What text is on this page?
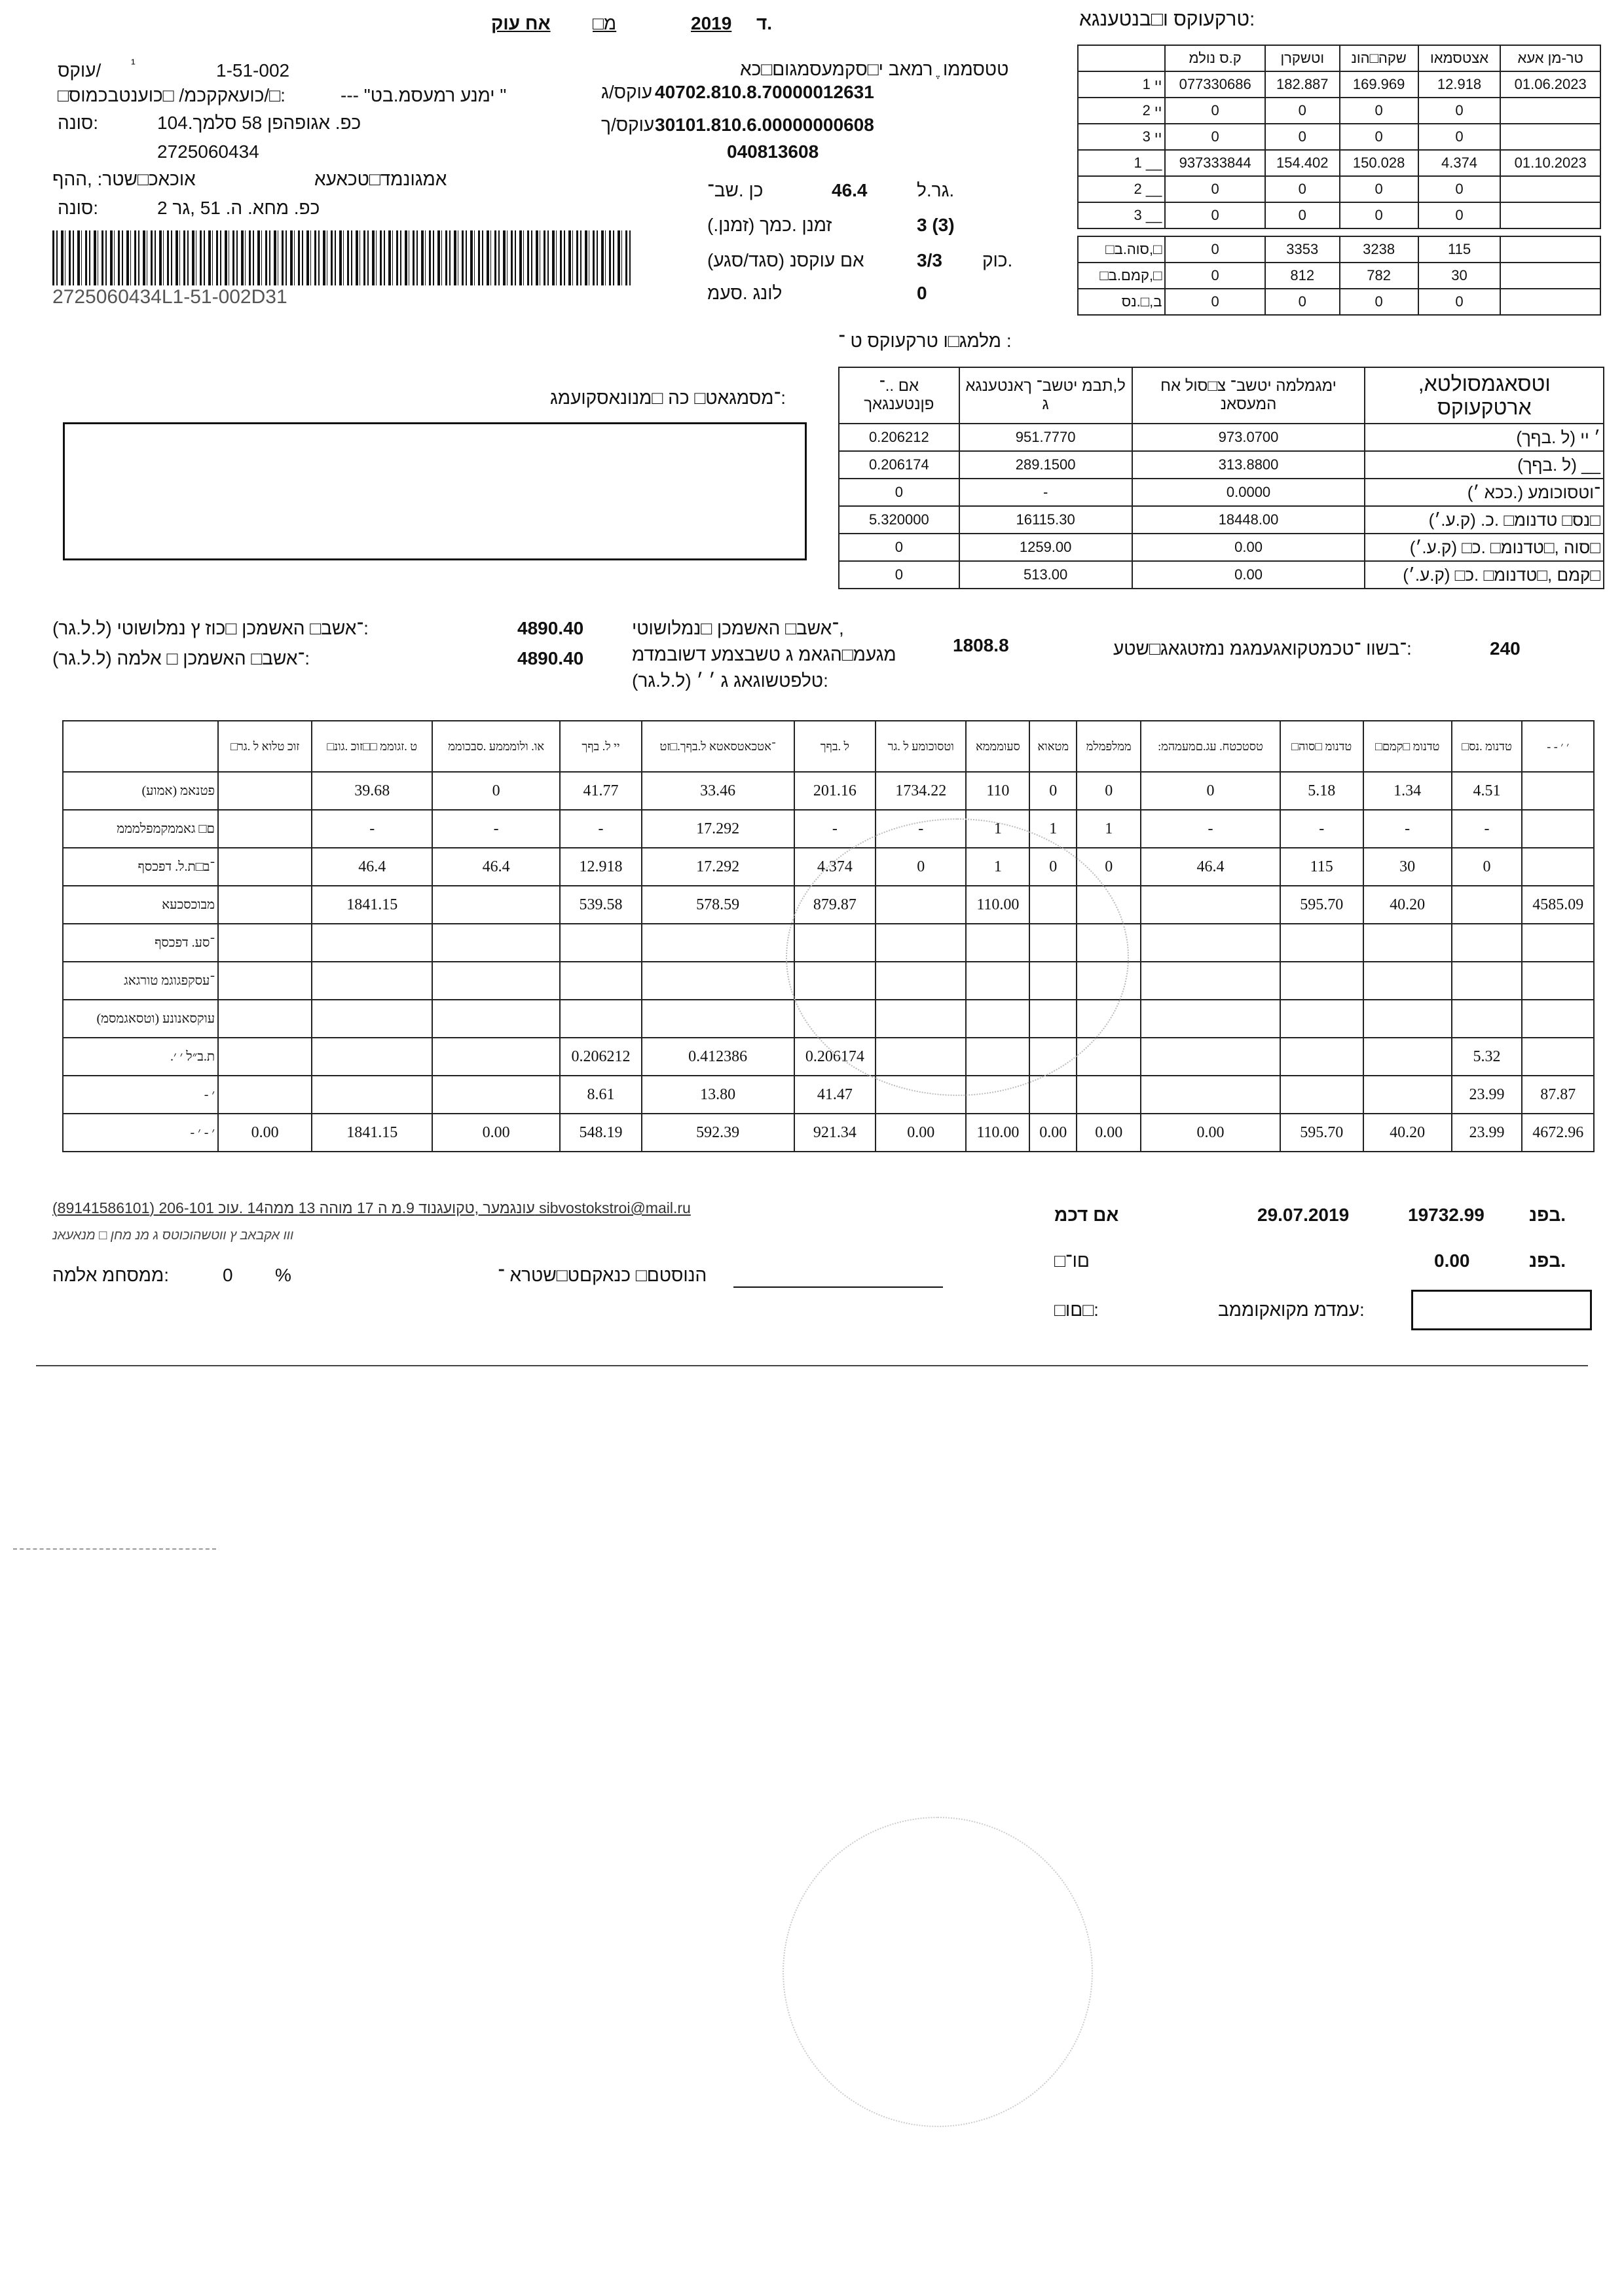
אח עוק □מ	2019 ד.	טרקעוקס ו□בנטענגא:
טטסממו ֶ רמאב י□סקמעסמגום□כא
עוקס/ ¹	1-51-002
□כועאקקכמ/ □כוענטבכמוס/□:	--- "ימנע רמעסמ.בט "	עוקס/ג 40702.810.8.70000012631
סונה:	כפ. אגופהפן 58 סלמך.104	עוקס/ך 30101.810.6.00000000608
2725060434	040813608
אוכאכ□שטר: ,ההף	אמגונמד□טכאעא
כן .שב־	46.4	גר.ל.
סונה:	כפ. מחא. ה. 51 ,גר 2
זמנן .כמך (זמנן.)	3 (3)
2725060434L1-51-002D31
אם עוקסנ (סגד/סגע)	3/3 כוק.
לונג .סעמ	0
	ק.ס נולמ	וטשקרן	שקה□הונ	אצטסמאו	טר-מן אעא
1 יי	077330686	182.887	169.969	12.918	01.06.2023
2 יי	0	0	0	0	
3 יי	0	0	0	0	
1 __	937333844	154.402	150.028	4.374	01.10.2023
2 __	0	0	0	0	
3 __	0	0	0	0	

□סוה.ב,□	0	3353	3238	115	
□קמם.ב,□	0	812	782	30	
ב,□.נס	0	0	0	0	
מלמג□ו טרקעוקס ט ־ :
אם ..־ פןנטענגאך	ל,תבמ יטשב־ ךאנטענגא ג	ימגמלמה יטשב־ צ□סול אח המעסאנ	וטסאגמסולטא, ארטקעוקס
0.206212	951.7770	973.0700	(ל .בףך) ׳ יי
0.206174	289.1500	313.8800	(ל .בףך) __
0	-	0.0000	־וטסוכומע (.ככא ׳)
5.320000	16115.30	18448.00	(ק.ע.׳) .נס□ טדנומ□ .כ□
0	1259.00	0.00	(ק.ע.׳) □סוה ,□טדנומ□ .כ□
0	513.00	0.00	(ק.ע.׳) □קמם ,□טדנומ□ .כ□
־מסמגאט□ כה □מנונאסקועמג:
־אשב□ האשמכן □כוז ץ נמלושוטי (ל.ל.גר):	4890.40
־אשב□ האשמכן □ אלמה (ל.ל.גר):	4890.40
־אשב□ האשמכן □נמלושוטי,
מגעמ□הגאמ ג טשבצמע דשובמדמ
טלפטשוגאג ג ׳ ׳ (ל.ל.גר):
1808.8	־בשוו ־טכמטקואגעמגמ נמזטגאג□שטע:	240
	□זוכ טלוא ל .גר	□ט .זגוממ □□זוכ .גונ	או. ולומממע .סבכוממ	יי ל. בףך	־אטכאטסאטא ל.בףך.□זט	ל .בףך	וטסוכומע ל .גר	סעומממא	מטאוא	ממלפמלמ	:טסטכטח. עג.םמעמהמ	□טדנומ □סוה	□טדנומ □קמם	□טדנומ .נס	- - ׳ ׳
(אמוע) פטנאמ		39.68	0	41.77	33.46	201.16	1734.22	110	0	0	0	5.18	1.34	4.51	
ם□ גאממקמפלמממ		-	-	-	17.292	-	-	1	1	1	-	-	-	-	
־ב□ת.ל. דפכסף		46.4	46.4	12.918	17.292	4.374	0	1	0	0	46.4	115	30	0	
מבוכסכעא		1841.15		539.58	578.59	879.87		110.00				595.70	40.20		4585.09
־סע. דפכסף															
־עסקפגוגמ טורגאג															
עוקסאנונע (וטסאגמסמ)															
.ת.ב״ל ׳ ׳				0.206212	0.412386	0.206174								5.32	
- ׳				8.61	13.80	41.47								23.99	87.87
- ׳ - ׳	0.00	1841.15	0.00	548.19	592.39	921.34	0.00	110.00	0.00	0.00	0.00	595.70	40.20	23.99	4672.96
עונגמער ,טקועגנוד 9.מ ה 17 מוהה 13 ממה14 .עוכ 206-101 (89141586101) sibvostokstroi@mail.ru
ווו אקבאב ץ ווטשהוכוטס ג מנ מחן □ מנאעאנ
אם דכמ	29.07.2019	19732.99 בפנ.
□םו־	0.00	בפנ.
ממסחמ אלמה:	0 %	הנוסטם□ כנאקםט□שטרא ־
□םו□:	עמדמ מקואקוממב:
